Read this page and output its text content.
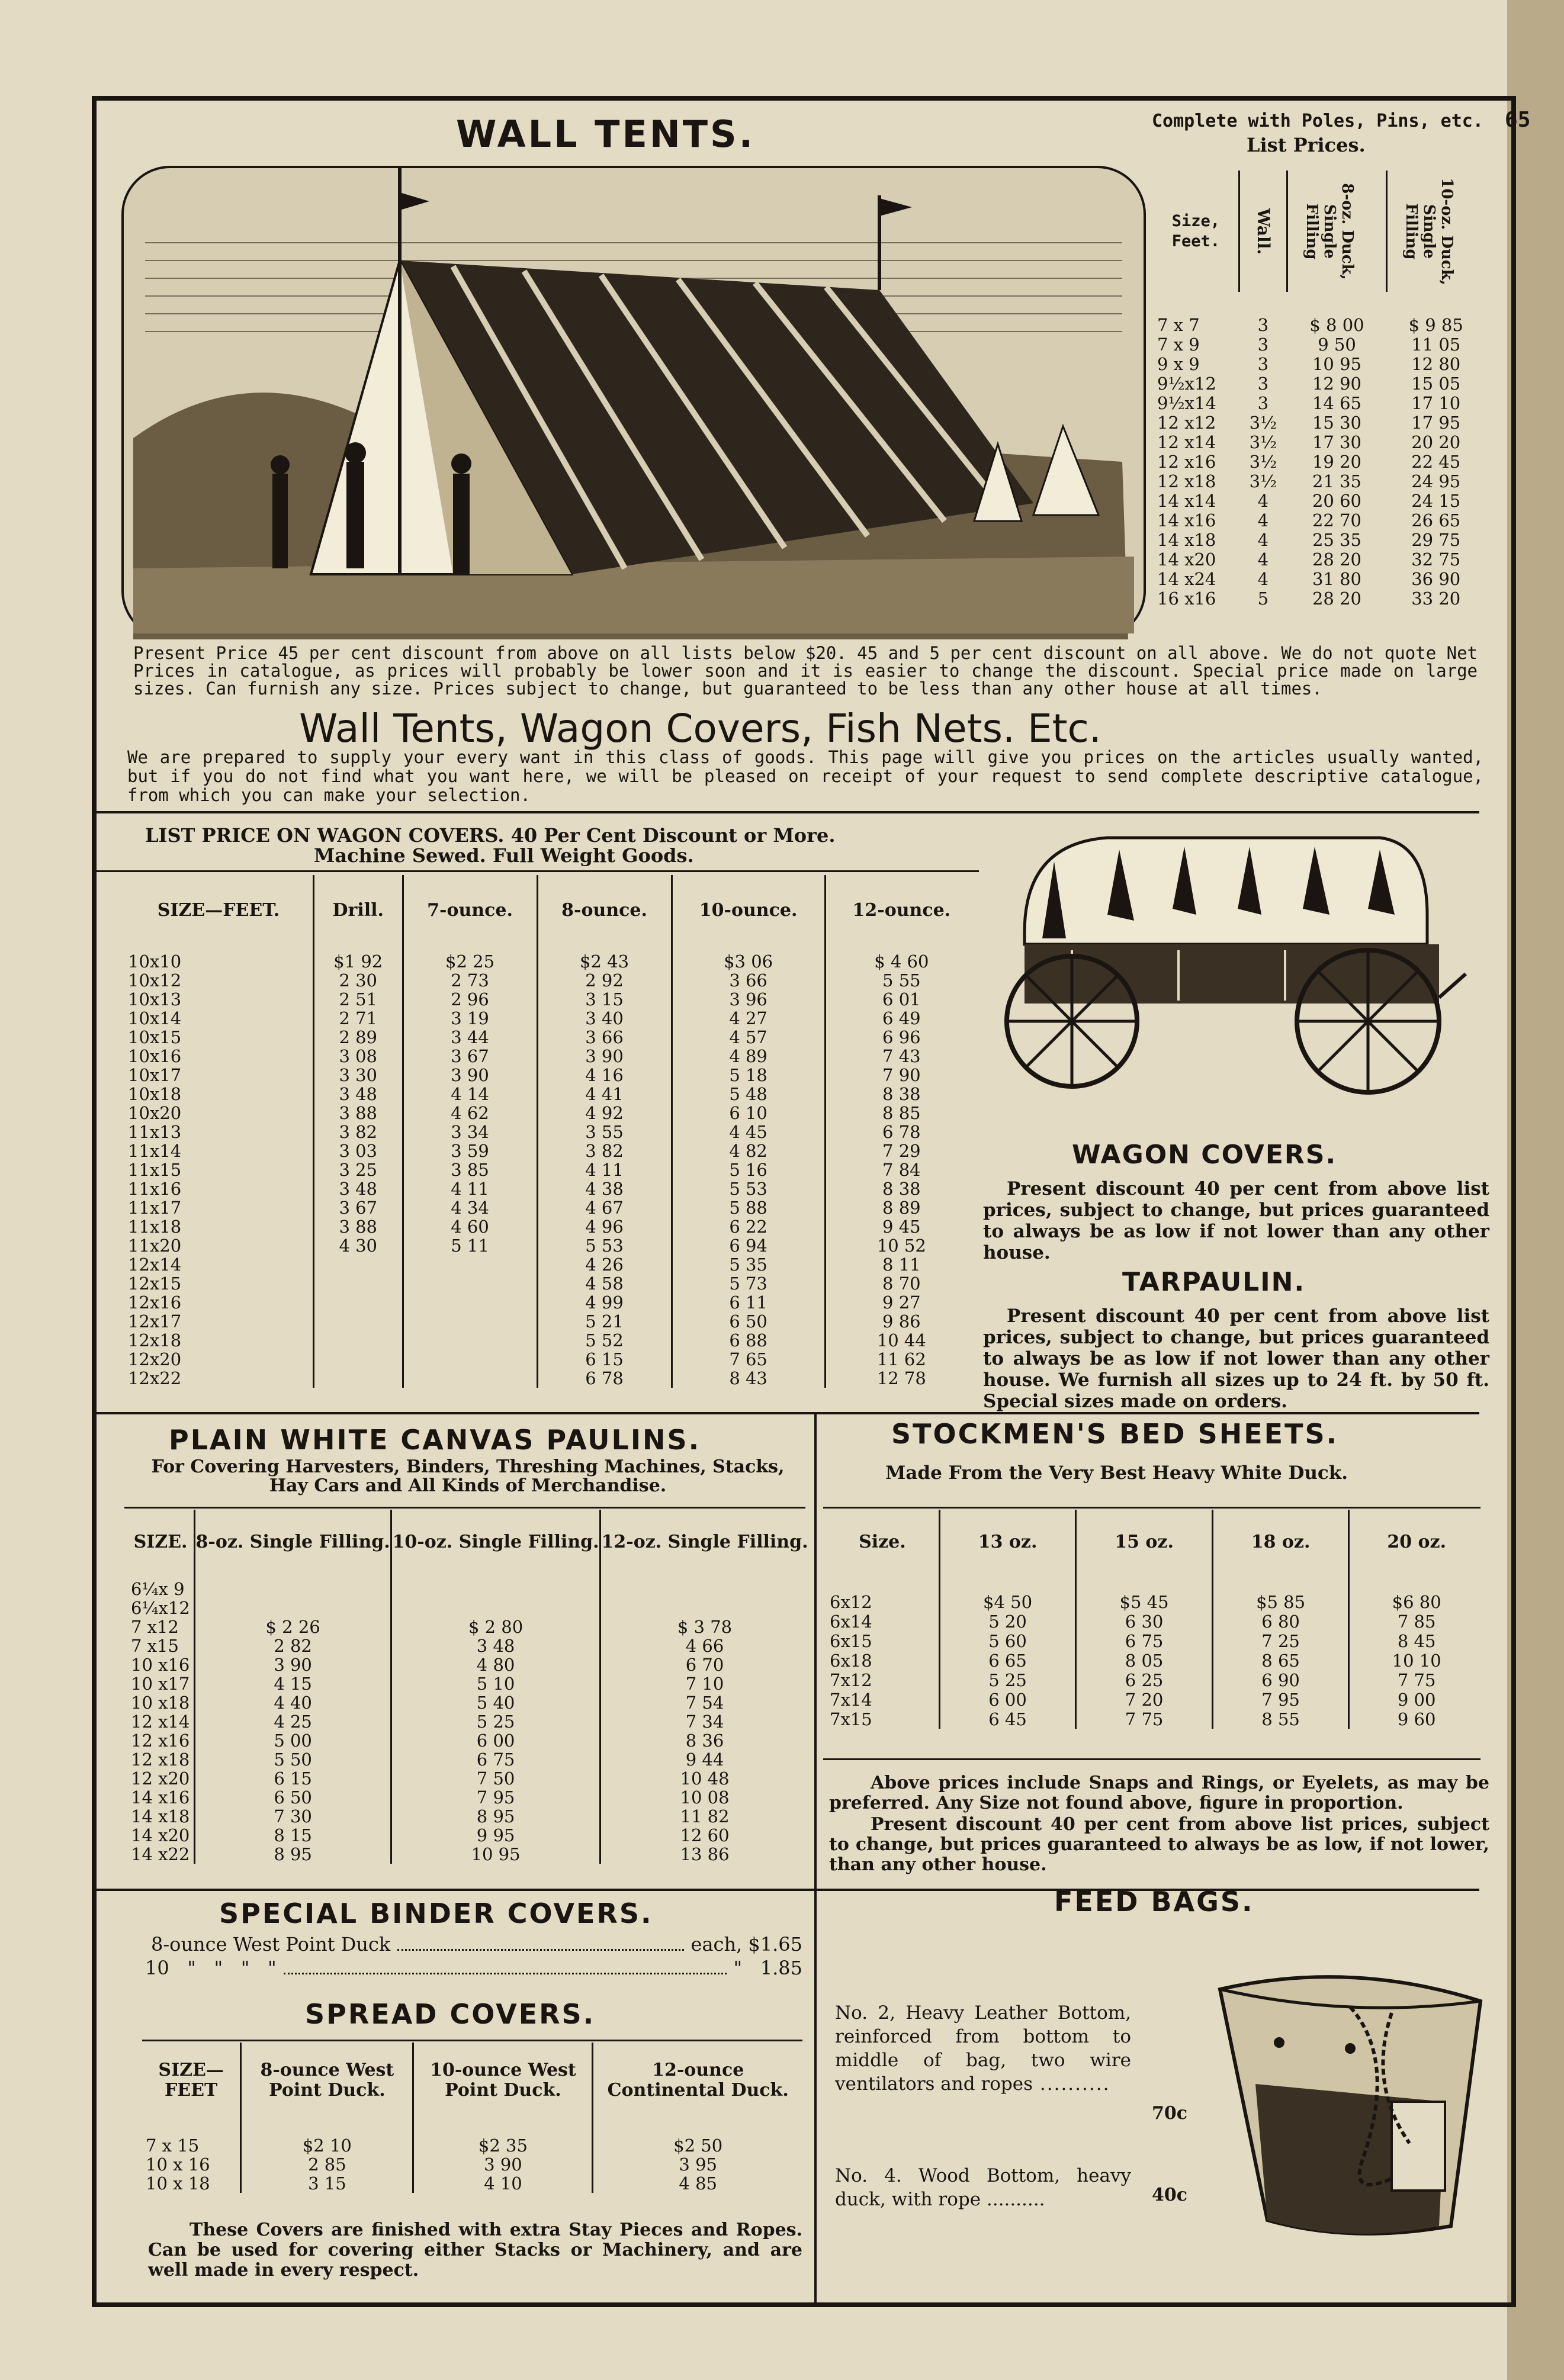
WALL TENTS.	Complete with Poles, Pins, etc. 65
List Prices.
Size, Feet.	Wall.	8-oz. Duck, Single Filling	10-oz. Duck, Single Filling

7 x 7	3	$ 8 00	$ 9 85
7 x 9	3	9 50	11 05
9 x 9	3	10 95	12 80
9½x12	3	12 90	15 05
9½x14	3	14 65	17 10
12 x12	3½	15 30	17 95
12 x14	3½	17 30	20 20
12 x16	3½	19 20	22 45
12 x18	3½	21 35	24 95
14 x14	4	20 60	24 15
14 x16	4	22 70	26 65
14 x18	4	25 35	29 75
14 x20	4	28 20	32 75
14 x24	4	31 80	36 90
16 x16	5	28 20	33 20
Present Price 45 per cent discount from above on all lists below $20. 45 and 5 per cent discount on all above. We do not quote Net Prices in catalogue, as prices will probably be lower soon and it is easier to change the discount. Special price made on large sizes. Can furnish any size. Prices subject to change, but guaranteed to be less than any other house at all times.
Wall Tents, Wagon Covers, Fish Nets. Etc.
We are prepared to supply your every want in this class of goods. This page will give you prices on the articles usually wanted, but if you do not find what you want here, we will be pleased on receipt of your request to send complete descriptive catalogue, from which you can make your selection.
LIST PRICE ON WAGON COVERS. 40 Per Cent Discount or More.
Machine Sewed. Full Weight Goods.
SIZE—FEET.	Drill.	7-ounce.	8-ounce.	10-ounce.	12-ounce.
10x10	$1 92	$2 25	$2 43	$3 06	$ 4 60
10x12	2 30	2 73	2 92	3 66	5 55
10x13	2 51	2 96	3 15	3 96	6 01
10x14	2 71	3 19	3 40	4 27	6 49
10x15	2 89	3 44	3 66	4 57	6 96
10x16	3 08	3 67	3 90	4 89	7 43
10x17	3 30	3 90	4 16	5 18	7 90
10x18	3 48	4 14	4 41	5 48	8 38
10x20	3 88	4 62	4 92	6 10	8 85
11x13	3 82	3 34	3 55	4 45	6 78
11x14	3 03	3 59	3 82	4 82	7 29
11x15	3 25	3 85	4 11	5 16	7 84
11x16	3 48	4 11	4 38	5 53	8 38
11x17	3 67	4 34	4 67	5 88	8 89
11x18	3 88	4 60	4 96	6 22	9 45
11x20	4 30	5 11	5 53	6 94	10 52
12x14			4 26	5 35	8 11
12x15			4 58	5 73	8 70
12x16			4 99	6 11	9 27
12x17			5 21	6 50	9 86
12x18			5 52	6 88	10 44
12x20			6 15	7 65	11 62
12x22			6 78	8 43	12 78
WAGON COVERS.
Present discount 40 per cent from above list prices, subject to change, but prices guaranteed to always be as low if not lower than any other house.
TARPAULIN.
Present discount 40 per cent from above list prices, subject to change, but prices guaranteed to always be as low if not lower than any other house. We furnish all sizes up to 24 ft. by 50 ft. Special sizes made on orders.
PLAIN WHITE CANVAS PAULINS.
For Covering Harvesters, Binders, Threshing Machines, Stacks, Hay Cars and All Kinds of Merchandise.
SIZE.	8-oz. Single Filling.	10-oz. Single Filling.	12-oz. Single Filling.
6¼x 9			
6¼x12			
7 x12	$ 2 26	$ 2 80	$ 3 78
7 x15	2 82	3 48	4 66
10 x16	3 90	4 80	6 70
10 x17	4 15	5 10	7 10
10 x18	4 40	5 40	7 54
12 x14	4 25	5 25	7 34
12 x16	5 00	6 00	8 36
12 x18	5 50	6 75	9 44
12 x20	6 15	7 50	10 48
14 x16	6 50	7 95	10 08
14 x18	7 30	8 95	11 82
14 x20	8 15	9 95	12 60
14 x22	8 95	10 95	13 86
STOCKMEN'S BED SHEETS.
Made From the Very Best Heavy White Duck.
Size.	13 oz.	15 oz.	18 oz.	20 oz.
6x12	$4 50	$5 45	$5 85	$6 80
6x14	5 20	6 30	6 80	7 85
6x15	5 60	6 75	7 25	8 45
6x18	6 65	8 05	8 65	10 10
7x12	5 25	6 25	6 90	7 75
7x14	6 00	7 20	7 95	9 00
7x15	6 45	7 75	8 55	9 60
Above prices include Snaps and Rings, or Eyelets, as may be preferred. Any Size not found above, figure in proportion.
Present discount 40 per cent from above list prices, subject to change, but prices guaranteed to always be as low, if not lower, than any other house.
SPECIAL BINDER COVERS.
8-ounce West Point Duck	each, $1.65
10   "   "   "   "	"   1.85
SPREAD COVERS.
SIZE—FEET	8-ounce West Point Duck.	10-ounce West Point Duck.	12-ounce Continental Duck.
7 x 15	$2 10	$2 35	$2 50
10 x 16	2 85	3 90	3 95
10 x 18	3 15	4 10	4 85
These Covers are finished with extra Stay Pieces and Ropes. Can be used for covering either Stacks or Machinery, and are well made in every respect.
FEED BAGS.
No. 2, Heavy Leather Bottom, reinforced from bottom to middle of bag, two wire ventilators and ropes ..........
70c
No. 4. Wood Bottom, heavy duck, with rope ..........	40c
